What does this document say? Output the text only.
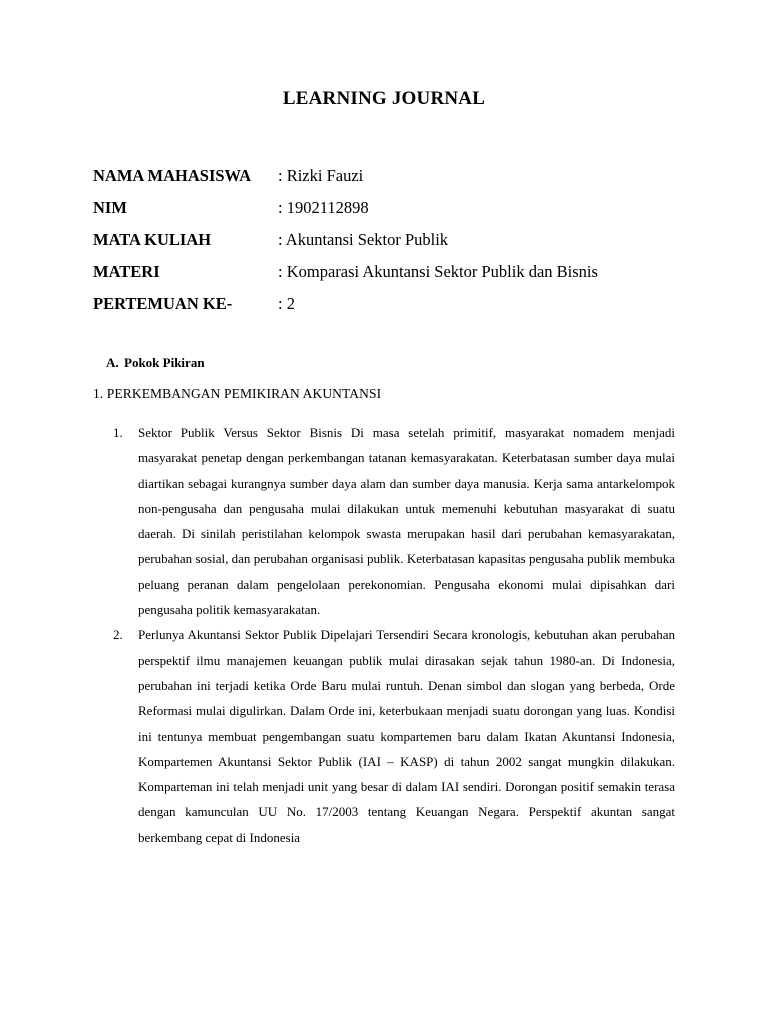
LEARNING JOURNAL
NAMA MAHASISWA	: Rizki Fauzi
NIM	: 1902112898
MATA KULIAH	: Akuntansi Sektor Publik
MATERI	: Komparasi Akuntansi Sektor Publik dan Bisnis
PERTEMUAN KE-	: 2
A. Pokok Pikiran
1. PERKEMBANGAN PEMIKIRAN AKUNTANSI
1.	Sektor Publik Versus Sektor Bisnis Di masa setelah primitif, masyarakat nomadem menjadi masyarakat penetap dengan perkembangan tatanan kemasyarakatan. Keterbatasan sumber daya mulai diartikan sebagai kurangnya sumber daya alam dan sumber daya manusia. Kerja sama antarkelompok non-pengusaha dan pengusaha mulai dilakukan untuk memenuhi kebutuhan masyarakat di suatu daerah. Di sinilah peristilahan kelompok swasta merupakan hasil dari perubahan kemasyarakatan, perubahan sosial, dan perubahan organisasi publik. Keterbatasan kapasitas pengusaha publik membuka peluang peranan dalam pengelolaan perekonomian. Pengusaha ekonomi mulai dipisahkan dari pengusaha politik kemasyarakatan.
2.	Perlunya Akuntansi Sektor Publik Dipelajari Tersendiri Secara kronologis, kebutuhan akan perubahan perspektif ilmu manajemen keuangan publik mulai dirasakan sejak tahun 1980-an. Di Indonesia, perubahan ini terjadi ketika Orde Baru mulai runtuh. Denan simbol dan slogan yang berbeda, Orde Reformasi mulai digulirkan. Dalam Orde ini, keterbukaan menjadi suatu dorongan yang luas. Kondisi ini tentunya membuat pengembangan suatu kompartemen baru dalam Ikatan Akuntansi Indonesia, Kompartemen Akuntansi Sektor Publik (IAI – KASP) di tahun 2002 sangat mungkin dilakukan. Komparteman ini telah menjadi unit yang besar di dalam IAI sendiri. Dorongan positif semakin terasa dengan kamunculan UU No. 17/2003 tentang Keuangan Negara. Perspektif akuntan sangat berkembang cepat di Indonesia
